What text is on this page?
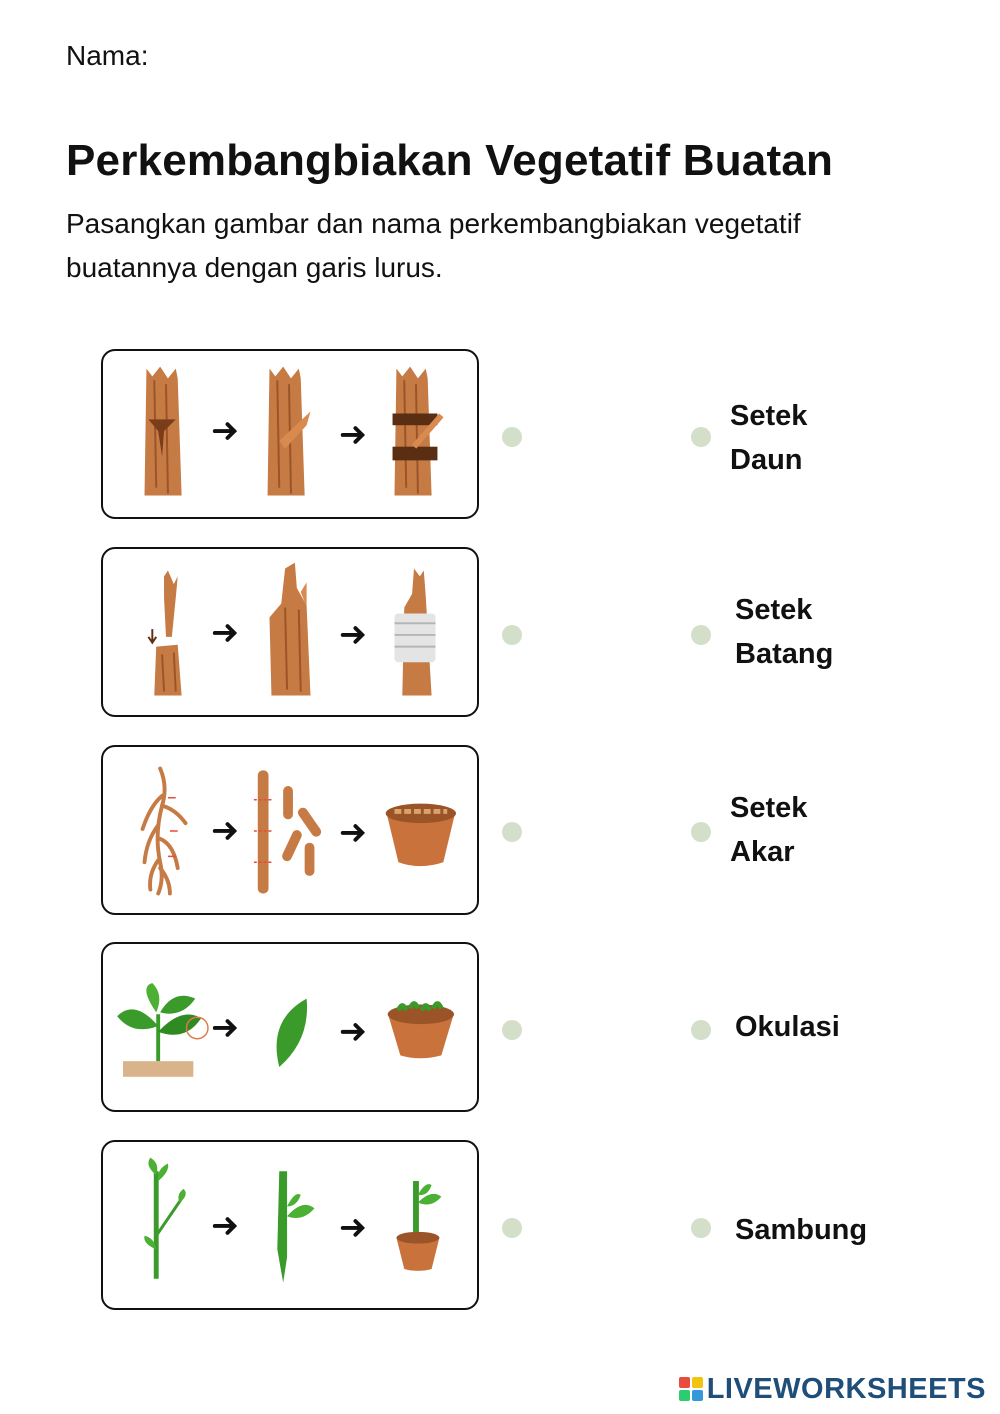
Nama:
Perkembangbiakan Vegetatif Buatan

Pasangkan gambar dan nama perkembangbiakan vegetatif buatannya dengan garis lurus.

Setek
Daun
Setek
Batang
Setek
Akar
Okulasi
Sambung
LIVEWORKSHEETS
